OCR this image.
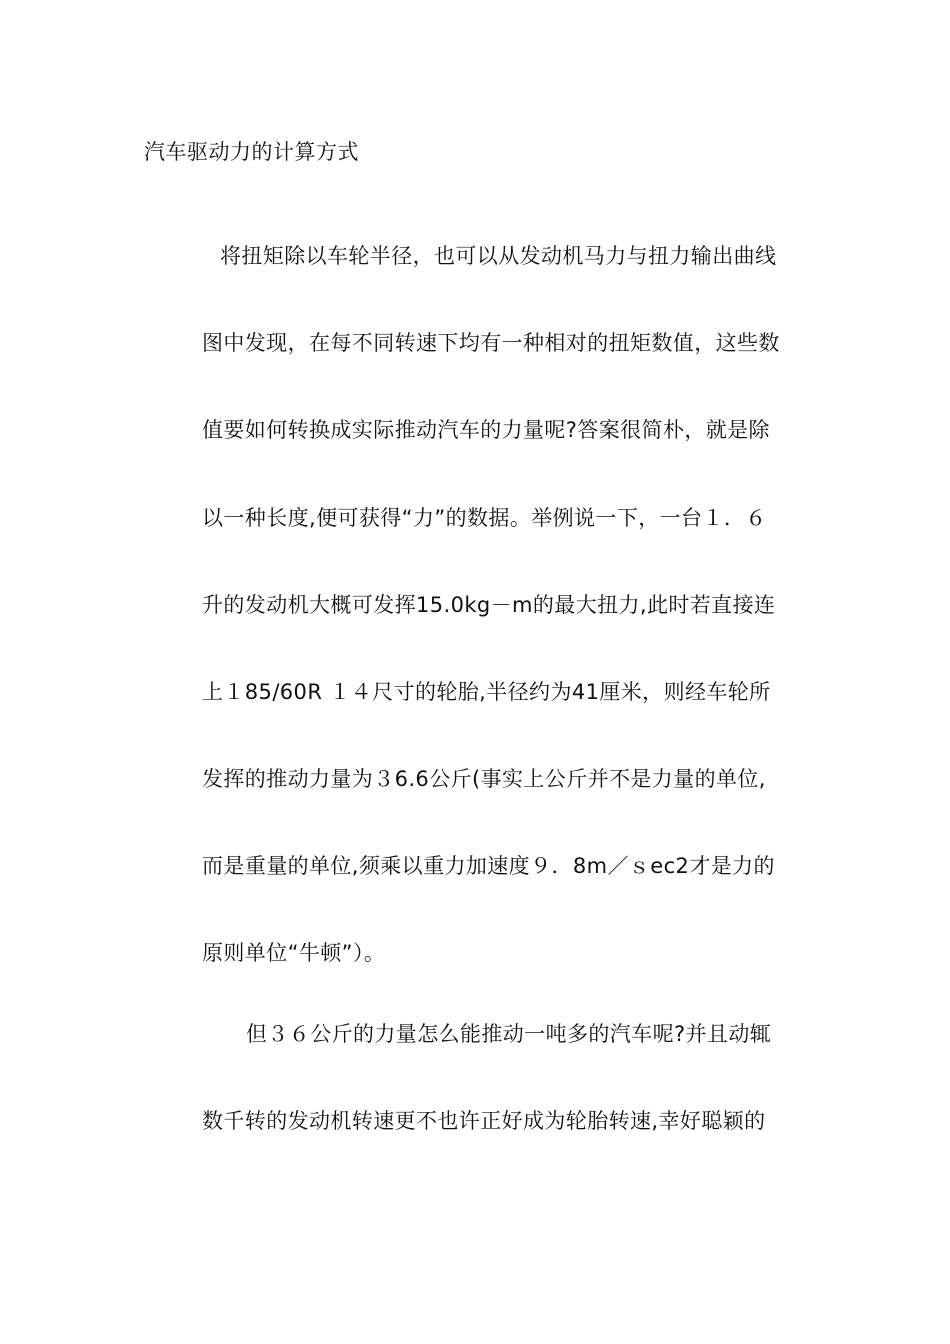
汽车驱动力的计算方式
将扭矩除以车轮半径，也可以从发动机马力与扭力输出曲线
图中发现，在每不同转速下均有一种相对的扭矩数值，这些数
值要如何转换成实际推动汽车的力量呢?答案很简朴，就是除
以一种长度,便可获得“力”的数据。举例说一下，一台１．６
升的发动机大概可发挥15.0kg－m的最大扭力,此时若直接连
上１85/60R １４尺寸的轮胎,半径约为41厘米，则经车轮所
发挥的推动力量为３6.6公斤(事实上公斤并不是力量的单位,
而是重量的单位,须乘以重力加速度９．8m／ｓec2才是力的
原则单位“牛顿”）。
但３６公斤的力量怎么能推动一吨多的汽车呢?并且动辄
数千转的发动机转速更不也许正好成为轮胎转速,幸好聪颖的
